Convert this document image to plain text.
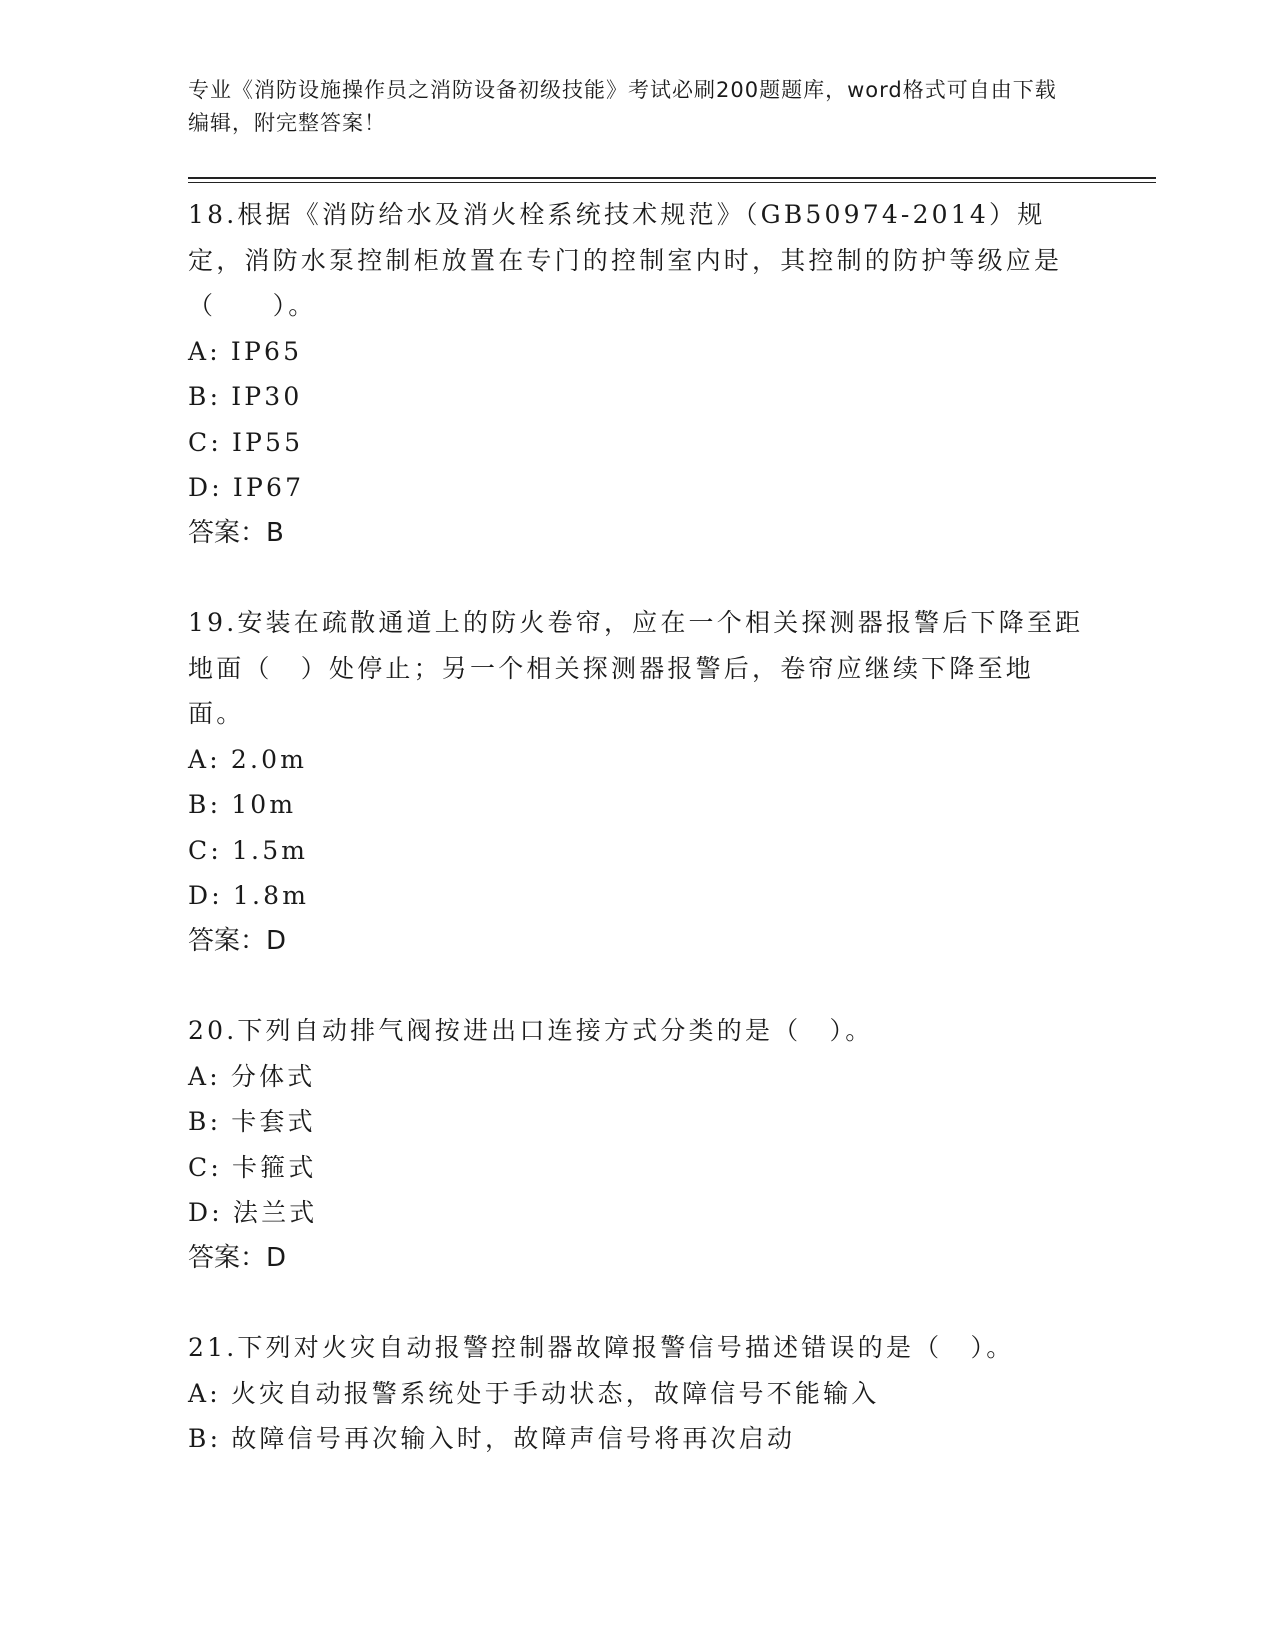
专业《消防设施操作员之消防设备初级技能》考试必刷200题题库，word格式可自由下载编辑，附完整答案！
18.根据《消防给水及消火栓系统技术规范》（GB50974-2014）规定，消防水泵控制柜放置在专门的控制室内时，其控制的防护等级应是（　　）。
A: IP65
B: IP30
C: IP55
D: IP67
答案：B
19.安装在疏散通道上的防火卷帘，应在一个相关探测器报警后下降至距地面（　）处停止；另一个相关探测器报警后，卷帘应继续下降至地面。
A: 2.0m
B: 10m
C: 1.5m
D: 1.8m
答案：D
20.下列自动排气阀按进出口连接方式分类的是（　）。
A: 分体式
B: 卡套式
C: 卡箍式
D: 法兰式
答案：D
21.下列对火灾自动报警控制器故障报警信号描述错误的是（　）。
A: 火灾自动报警系统处于手动状态，故障信号不能输入
B: 故障信号再次输入时，故障声信号将再次启动
